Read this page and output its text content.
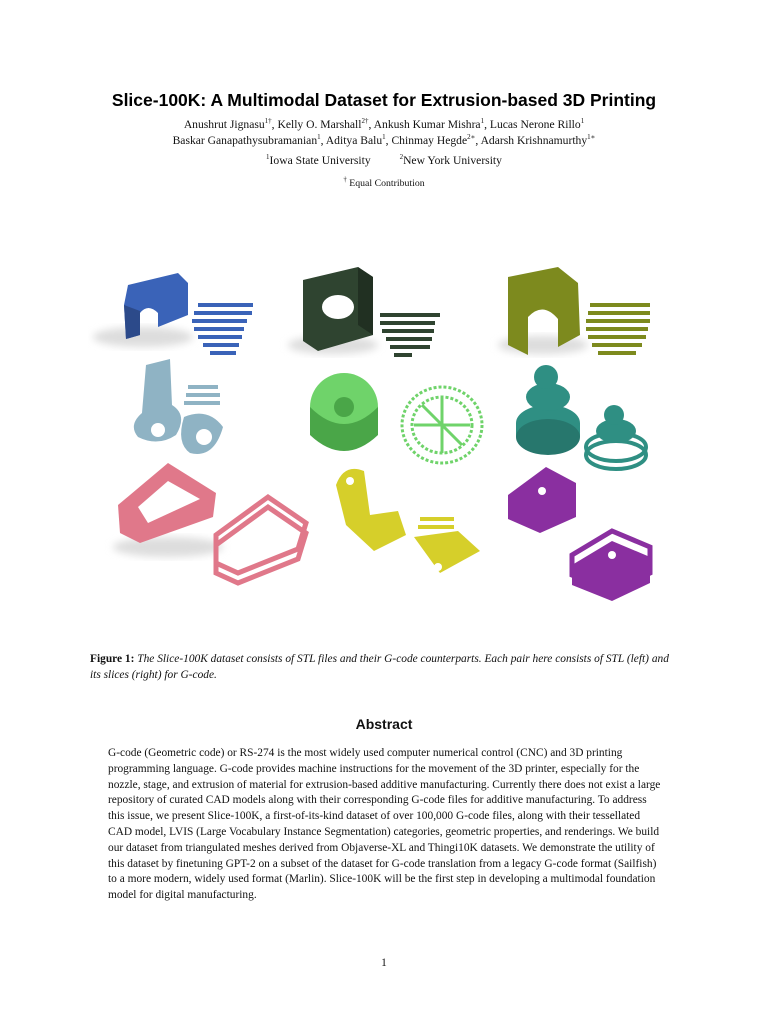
Slice-100K: A Multimodal Dataset for Extrusion-based 3D Printing
Anushrut Jignasu$^{1\dagger}$, Kelly O. Marshall$^{2\dagger}$, Ankush Kumar Mishra$^1$, Lucas Nerone Rillo$^1$
Baskar Ganapathysubramanian$^1$, Aditya Balu$^1$, Chinmay Hegde$^{2∗}$, Adarsh Krishnamurthy$^{1∗}$
$^1$Iowa State University	$^2$New York University
† Equal Contribution
Figure 1: The Slice-100K dataset consists of STL files and their G-code counterparts. Each pair here consists of STL (left) and its slices (right) for G-code.
Abstract

G-code (Geometric code) or RS-274 is the most widely used computer numerical control (CNC) and 3D printing programming language. G-code provides machine instructions for the movement of the 3D printer, especially for the nozzle, stage, and extrusion of material for extrusion-based additive manufacturing. Currently there does not exist a large repository of curated CAD models along with their corresponding G-code files for additive manufacturing. To address this issue, we present Slice-100K, a first-of-its-kind dataset of over 100,000 G-code files, along with their tessellated CAD model, LVIS (Large Vocabulary Instance Segmentation) categories, geometric properties, and renderings. We build our dataset from triangulated meshes derived from Objaverse-XL and Thingi10K datasets. We demonstrate the utility of this dataset by finetuning GPT-2 on a subset of the dataset for G-code translation from a legacy G-code format (Sailfish) to a more modern, widely used format (Marlin). Slice-100K will be the first step in developing a multimodal foundation model for digital manufacturing.

1
